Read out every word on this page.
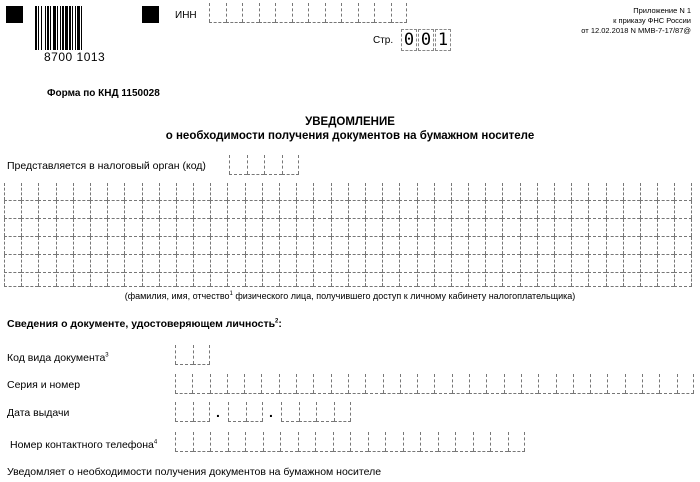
8700 1013
ИНН
Стр. 0 0 1
Приложение N 1
к приказу ФНС России
от 12.02.2018 N ММВ-7-17/87@
Форма по КНД 1150028
УВЕДОМЛЕНИЕ
о необходимости получения документов на бумажном носителе
Представляется в налоговый орган (код)
(фамилия, имя, отчество$^1$ физического лица, получившего доступ к личному кабинету налогоплательщика)
Сведения о документе, удостоверяющем личность$^2$:
Код вида документа$^3$
Серия и номер
Дата выдачи	.	.
Номер контактного телефона$^4$
Уведомляет о необходимости получения документов на бумажном носителе
